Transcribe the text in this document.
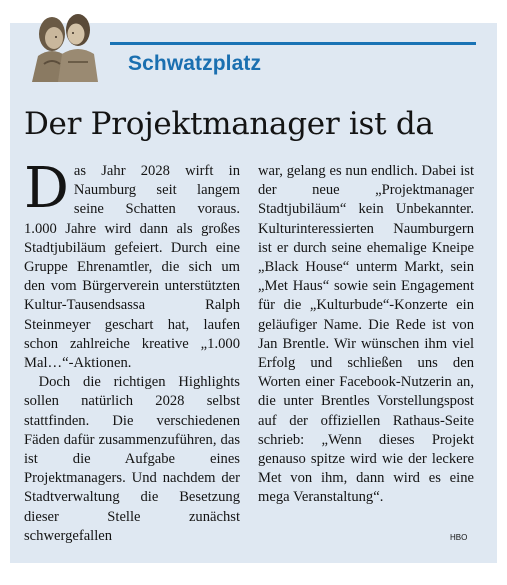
Schwatzplatz
Der Projektmanager ist da

Das Jahr 2028 wirft in Naumburg seit langem seine Schatten voraus. 1.000 Jahre wird dann als großes Stadtjubiläum gefeiert. Durch eine Gruppe Ehrenamtler, die sich um den vom Bürgerverein unterstützten Kultur-Tausendsassa Ralph Steinmeyer geschart hat, laufen schon zahlreiche kreative „1.000 Mal…“-Aktionen.

Doch die richtigen Highlights sollen natürlich 2028 selbst stattfinden. Die verschiedenen Fäden dafür zusammenzuführen, das ist die Aufgabe eines Projektmanagers. Und nachdem der Stadtverwaltung die Besetzung dieser Stelle zunächst schwergefallen

war, gelang es nun endlich. Dabei ist der neue „Projektmanager Stadtjubiläum“ kein Unbekannter. Kulturinteressierten Naumburgern ist er durch seine ehemalige Kneipe „Black House“ unterm Markt, sein „Met Haus“ sowie sein Engagement für die „Kulturbude“-Konzerte ein geläufiger Name. Die Rede ist von Jan Brentle. Wir wünschen ihm viel Erfolg und schließen uns den Worten einer Facebook-Nutzerin an, die unter Brentles Vorstellungspost auf der offiziellen Rathaus-Seite schrieb: „Wenn dieses Projekt genauso spitze wird wie der leckere Met von ihm, dann wird es eine mega Veranstaltung“.

HBO
